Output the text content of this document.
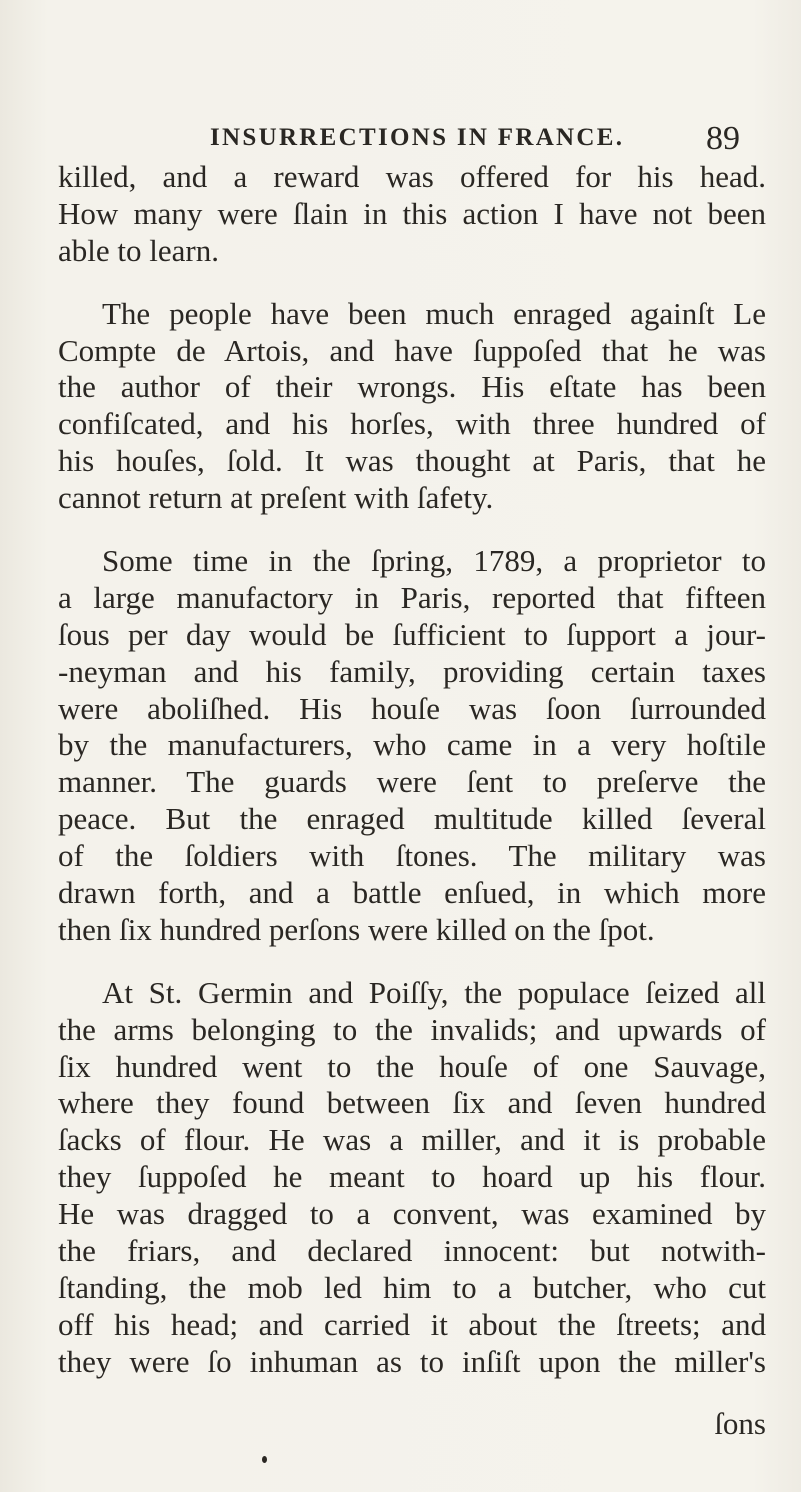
INSURRECTIONS IN FRANCE. 89
killed, and a reward was offered for his head.
How many were ſlain in this action I have not been
able to learn.
The people have been much enraged againſt Le
Compte de Artois, and have ſuppoſed that he was
the author of their wrongs. His eſtate has been
confiſcated, and his horſes, with three hundred of
his houſes, ſold. It was thought at Paris, that he
cannot return at preſent with ſafety.
Some time in the ſpring, 1789, a proprietor to
a large manufactory in Paris, reported that fifteen
ſous per day would be ſufficient to ſupport a jour-
-neyman and his family, providing certain taxes
were aboliſhed. His houſe was ſoon ſurrounded
by the manufacturers, who came in a very hoſtile
manner. The guards were ſent to preſerve the
peace. But the enraged multitude killed ſeveral
of the ſoldiers with ſtones. The military was
drawn forth, and a battle enſued, in which more
then ſix hundred perſons were killed on the ſpot.
At St. Germin and Poiſſy, the populace ſeized all
the arms belonging to the invalids; and upwards of
ſix hundred went to the houſe of one Sauvage,
where they found between ſix and ſeven hundred
ſacks of flour. He was a miller, and it is probable
they ſuppoſed he meant to hoard up his flour.
He was dragged to a convent, was examined by
the friars, and declared innocent: but notwith-
ſtanding, the mob led him to a butcher, who cut
off his head; and carried it about the ſtreets; and
they were ſo inhuman as to inſiſt upon the miller's
ſons
